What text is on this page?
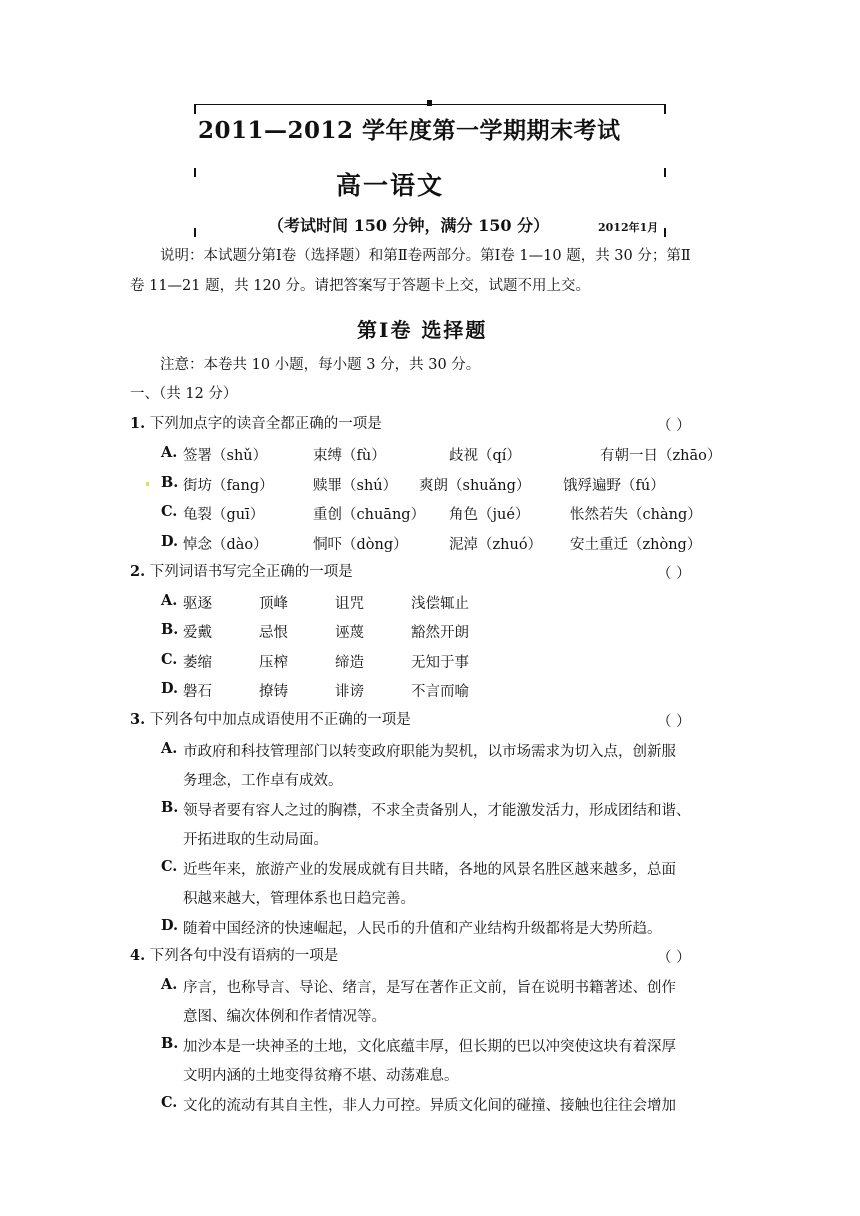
2011—2012 学年度第一学期期末考试
高一语文
（考试时间 150 分钟，满分 150 分）	2012年1月
说明：本试题分第Ⅰ卷（选择题）和第Ⅱ卷两部分。第Ⅰ卷 1—10 题，共 30 分；第Ⅱ
卷 11—21 题，共 120 分。请把答案写于答题卡上交，试题不用上交。
第Ⅰ卷 选择题
注意：本卷共 10 小题，每小题 3 分，共 30 分。
一、（共 12 分）
1. 下列加点字的读音全都正确的一项是	（ ）
A. 签署（shǔ）	束缚（fù）	歧视（qí）	有朝一日（zhāo）
B. 街坊（fang）	赎罪（shú） 爽朗（shuǎng） 饿殍遍野（fú）
C. 龟裂（guī）	重创（chuāng） 角色（jué）	怅然若失（chàng）
D. 悼念（dào）	恫吓（dòng）	泥淖（zhuó） 安土重迁（zhòng）
2. 下列词语书写完全正确的一项是	（ ）
A. 驱逐	顶峰	诅咒	浅偿辄止
B. 爱戴	忌恨	诬蔑	豁然开朗
C. 萎缩	压榨	缔造	无知于事
D. 磐石	撩铸	诽谤	不言而喻
3. 下列各句中加点成语使用不正确的一项是	（ ）
A. 市政府和科技管理部门以转变政府职能为契机，以市场需求为切入点，创新服
务理念，工作卓有成效。
B. 领导者要有容人之过的胸襟，不求全责备别人，才能激发活力，形成团结和谐、
开拓进取的生动局面。
C. 近些年来，旅游产业的发展成就有目共睹，各地的风景名胜区越来越多，总面
积越来越大，管理体系也日趋完善。
D. 随着中国经济的快速崛起，人民币的升值和产业结构升级都将是大势所趋。
4. 下列各句中没有语病的一项是	（ ）
A. 序言，也称导言、导论、绪言，是写在著作正文前，旨在说明书籍著述、创作
意图、编次体例和作者情况等。
B. 加沙本是一块神圣的土地，文化底蕴丰厚，但长期的巴以冲突使这块有着深厚
文明内涵的土地变得贫瘠不堪、动荡难息。
C. 文化的流动有其自主性，非人力可控。异质文化间的碰撞、接触也往往会增加
